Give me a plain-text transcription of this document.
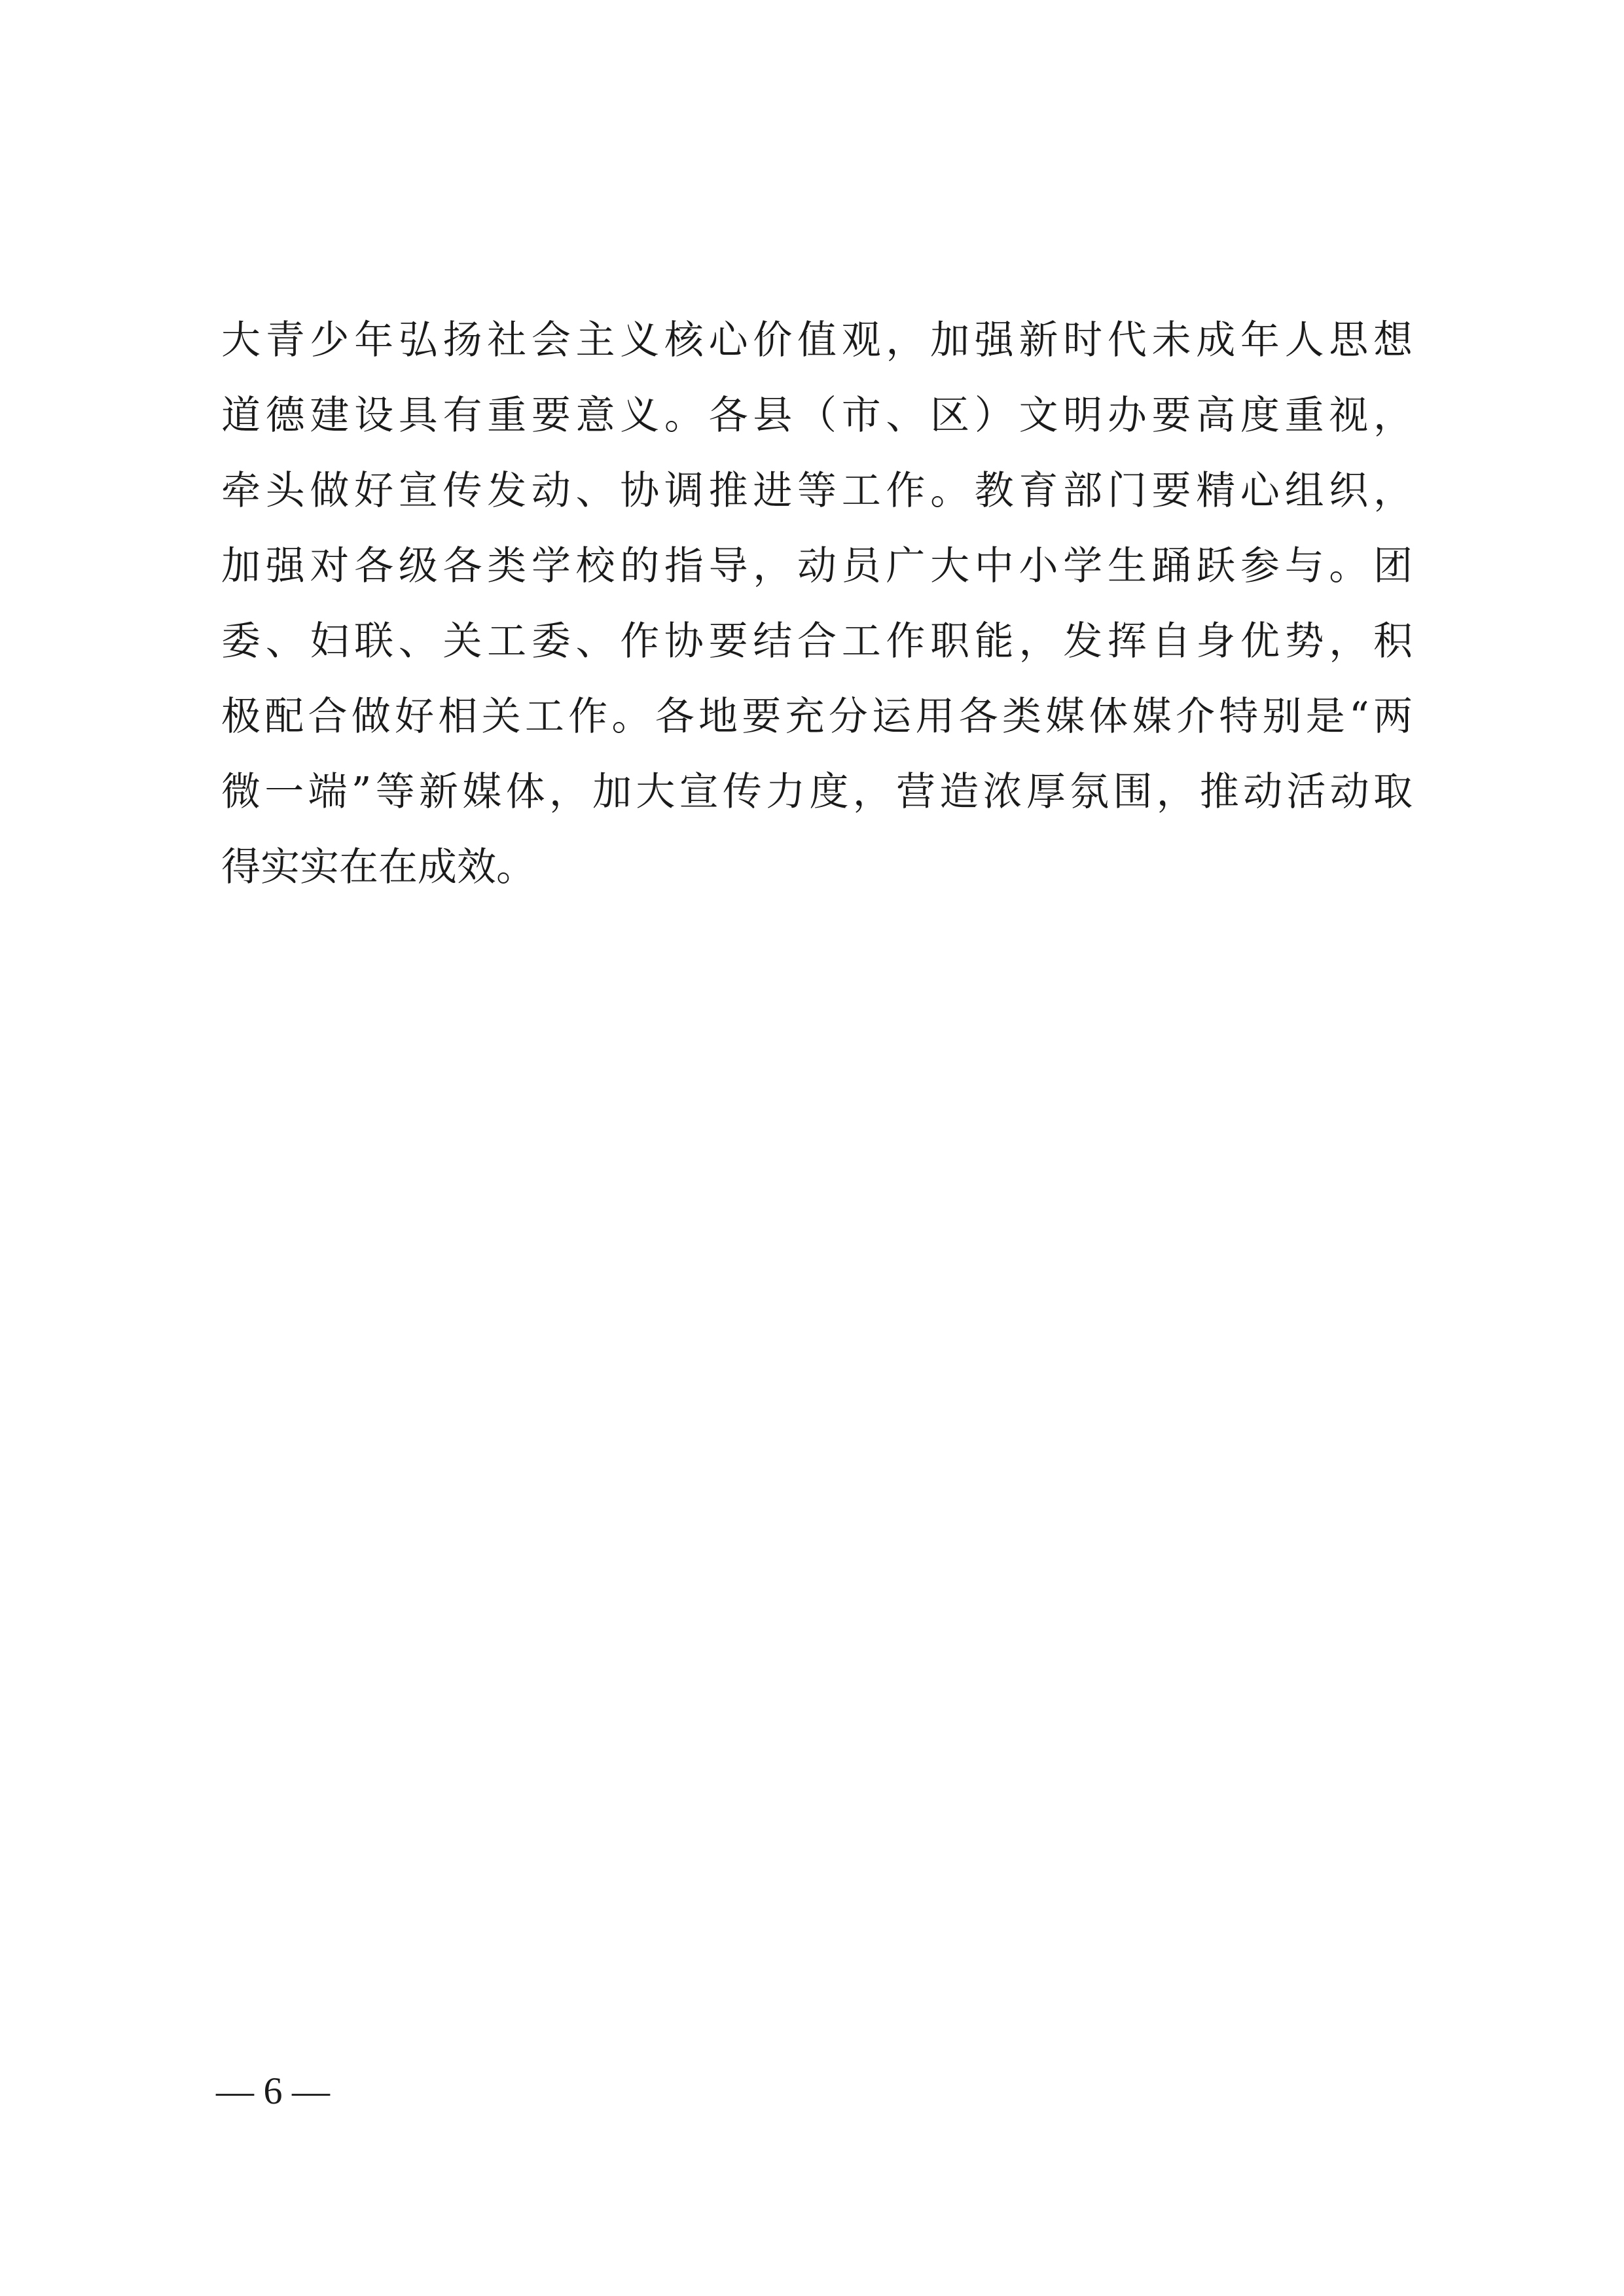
大青少年弘扬社会主义核心价值观，加强新时代未成年人思想
道德建设具有重要意义。各县（市、区）文明办要高度重视，
牵头做好宣传发动、协调推进等工作。教育部门要精心组织，
加强对各级各类学校的指导，动员广大中小学生踊跃参与。团
委、妇联、关工委、作协要结合工作职能，发挥自身优势，积
极配合做好相关工作。各地要充分运用各类媒体媒介特别是“两
微一端”等新媒体，加大宣传力度，营造浓厚氛围，推动活动取
得实实在在成效。
— 6 —
